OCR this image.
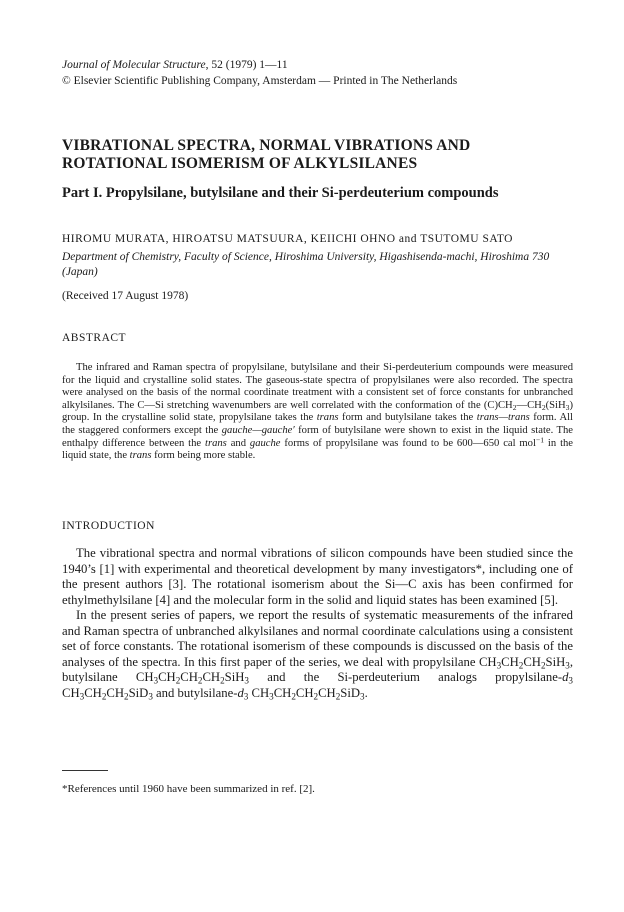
Journal of Molecular Structure, 52 (1979) 1—11
© Elsevier Scientific Publishing Company, Amsterdam — Printed in The Netherlands
VIBRATIONAL SPECTRA, NORMAL VIBRATIONS AND ROTATIONAL ISOMERISM OF ALKYLSILANES
Part I. Propylsilane, butylsilane and their Si-perdeuterium compounds
HIROMU MURATA, HIROATSU MATSUURA, KEIICHI OHNO and TSUTOMU SATO
Department of Chemistry, Faculty of Science, Hiroshima University, Higashisenda-machi, Hiroshima 730 (Japan)
(Received 17 August 1978)
ABSTRACT

The infrared and Raman spectra of propylsilane, butylsilane and their Si-perdeuterium compounds were measured for the liquid and crystalline solid states. The gaseous-state spectra of propylsilanes were also recorded. The spectra were analysed on the basis of the normal coordinate treatment with a consistent set of force constants for unbranched alkylsilanes. The C—Si stretching wavenumbers are well correlated with the conformation of the $(C)CH_2—CH_2(SiH_3)$ group. In the crystalline solid state, propylsilane takes the trans form and butylsilane takes the trans—trans form. All the staggered conformers except the gauche—gauche′ form of butylsilane were shown to exist in the liquid state. The enthalpy difference between the trans and gauche forms of propylsilane was found to be 600—650 cal mol$^{-1}$ in the liquid state, the trans form being more stable.

INTRODUCTION

The vibrational spectra and normal vibrations of silicon compounds have been studied since the 1940’s [1] with experimental and theoretical development by many investigators*, including one of the present authors [3]. The rotational isomerism about the Si—C axis has been confirmed for ethylmethylsilane [4] and the molecular form in the solid and liquid states has been examined [5].

In the present series of papers, we report the results of systematic measurements of the infrared and Raman spectra of unbranched alkylsilanes and normal coordinate calculations using a consistent set of force constants. The rotational isomerism of these compounds is discussed on the basis of the analyses of the spectra. In this first paper of the series, we deal with propylsilane $CH_3CH_2CH_2SiH_3$, butylsilane $CH_3CH_2CH_2CH_2SiH_3$ and the Si-perdeuterium analogs propylsilane-$d_3$ $CH_3CH_2CH_2SiD_3$ and butylsilane-$d_3$ $CH_3CH_2CH_2CH_2SiD_3$.

*References until 1960 have been summarized in ref. [2].
